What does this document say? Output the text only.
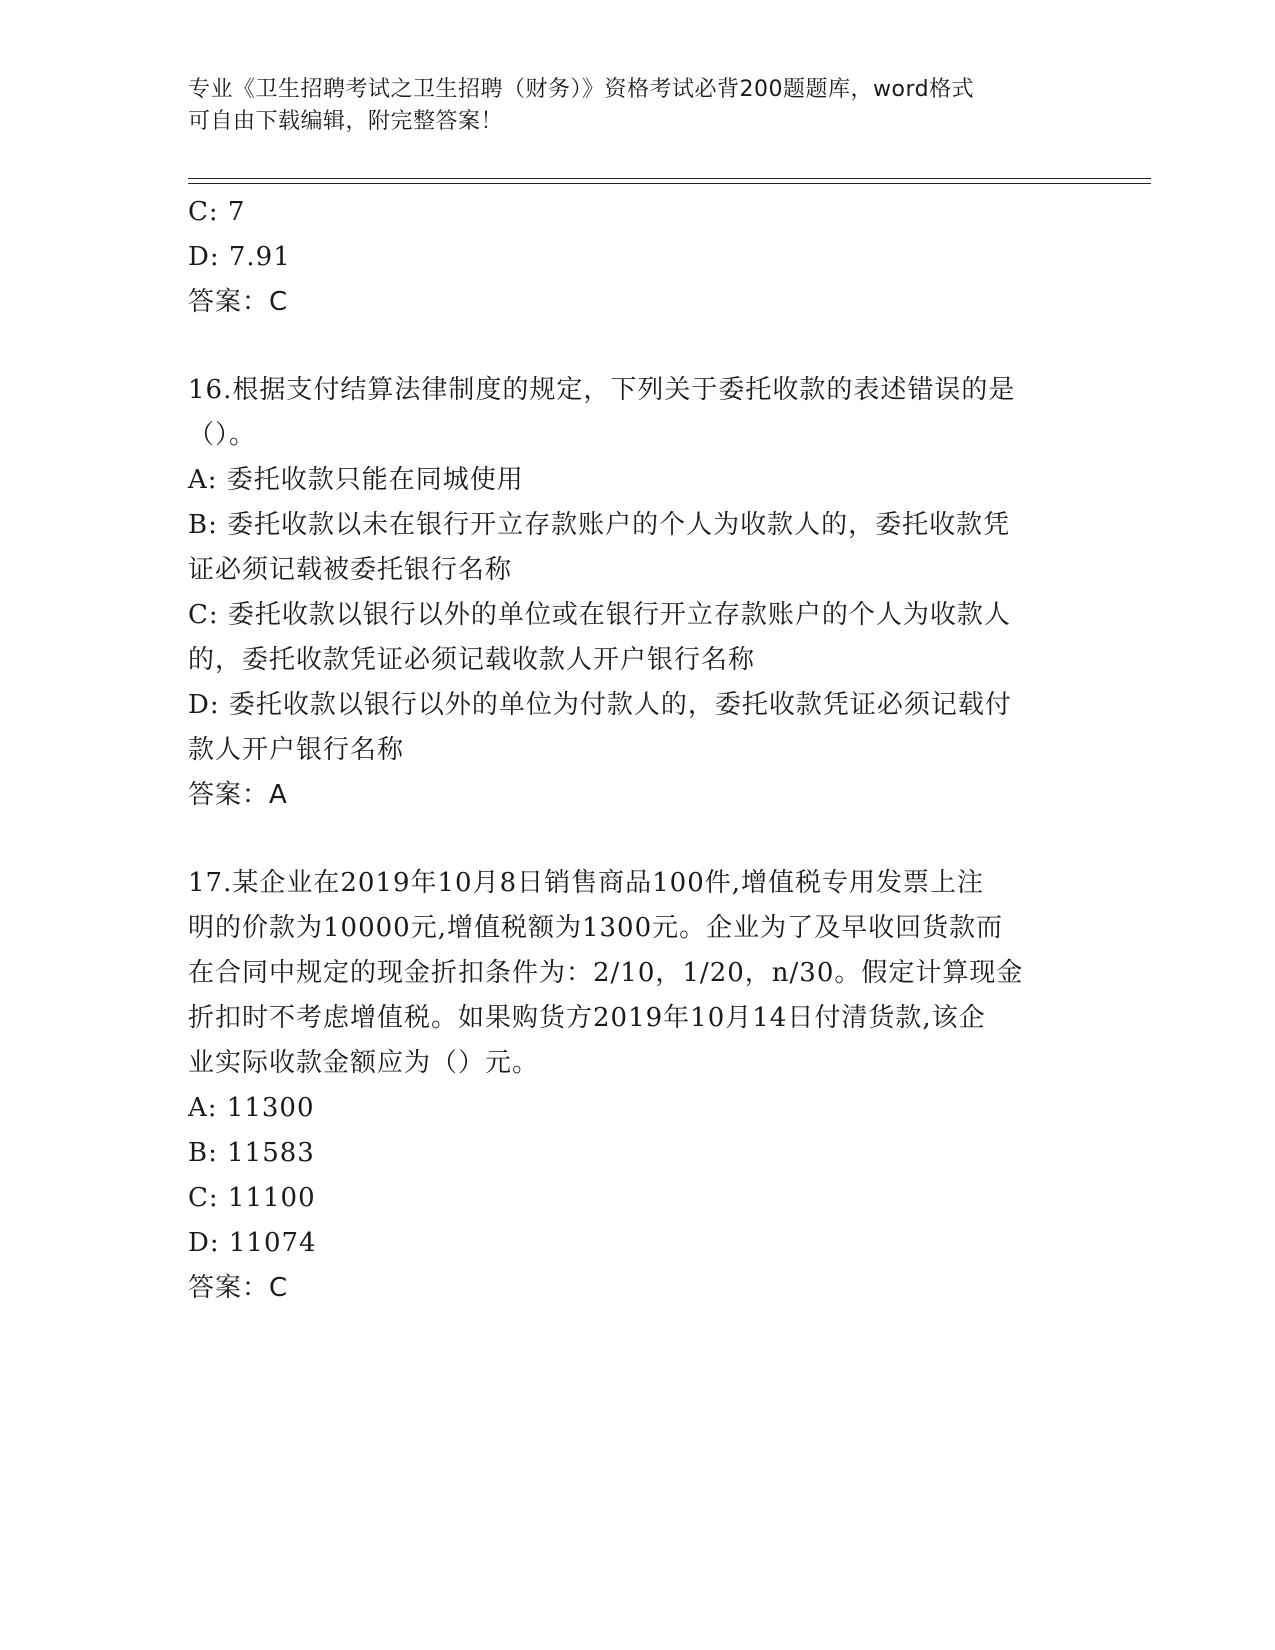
专业《卫生招聘考试之卫生招聘（财务）》资格考试必背200题题库，word格式
可自由下载编辑，附完整答案！

C: 7

D: 7.91

答案：C

16.根据支付结算法律制度的规定，下列关于委托收款的表述错误的是

（）。

A: 委托收款只能在同城使用

B: 委托收款以未在银行开立存款账户的个人为收款人的，委托收款凭

证必须记载被委托银行名称

C: 委托收款以银行以外的单位或在银行开立存款账户的个人为收款人

的，委托收款凭证必须记载收款人开户银行名称

D: 委托收款以银行以外的单位为付款人的，委托收款凭证必须记载付

款人开户银行名称

答案：A

17.某企业在2019年10月8日销售商品100件,增值税专用发票上注

明的价款为10000元,增值税额为1300元。企业为了及早收回货款而

在合同中规定的现金折扣条件为：2/10，1/20，n/30。假定计算现金

折扣时不考虑增值税。如果购货方2019年10月14日付清货款,该企

业实际收款金额应为（）元。

A: 11300

B: 11583

C: 11100

D: 11074

答案：C
